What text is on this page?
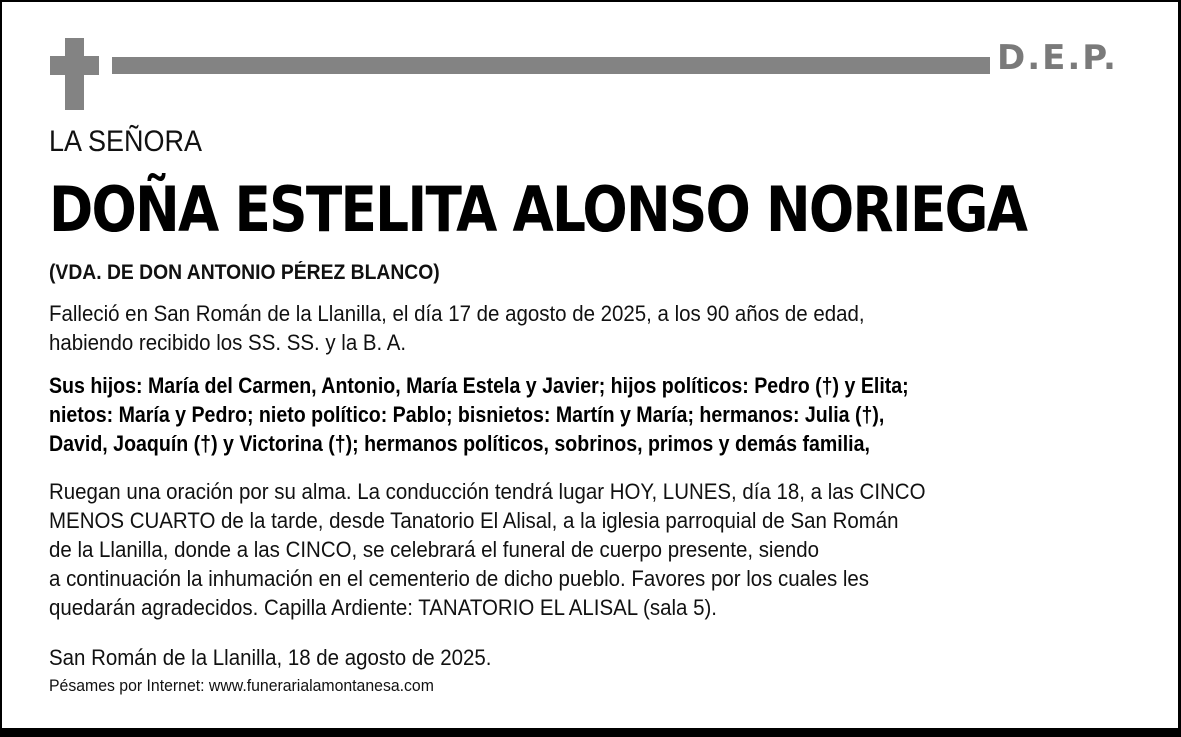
D.E.P.
LA SEÑORA
DOÑA ESTELITA ALONSO NORIEGA
(VDA. DE DON ANTONIO PÉREZ BLANCO)
Falleció en San Román de la Llanilla, el día 17 de agosto de 2025, a los 90 años de edad,
habiendo recibido los SS. SS. y la B. A.
Sus hijos: María del Carmen, Antonio, María Estela y Javier; hijos políticos: Pedro (†) y Elita;
nietos: María y Pedro; nieto político: Pablo; bisnietos: Martín y María; hermanos: Julia (†),
David, Joaquín (†) y Victorina (†); hermanos políticos, sobrinos, primos y demás familia,
Ruegan una oración por su alma. La conducción tendrá lugar HOY, LUNES, día 18, a las CINCO
MENOS CUARTO de la tarde, desde Tanatorio El Alisal, a la iglesia parroquial de San Román
de la Llanilla, donde a las CINCO, se celebrará el funeral de cuerpo presente, siendo
a continuación la inhumación en el cementerio de dicho pueblo. Favores por los cuales les
quedarán agradecidos. Capilla Ardiente: TANATORIO EL ALISAL (sala 5).
San Román de la Llanilla, 18 de agosto de 2025.
Pésames por Internet: www.funerarialamontanesa.com
